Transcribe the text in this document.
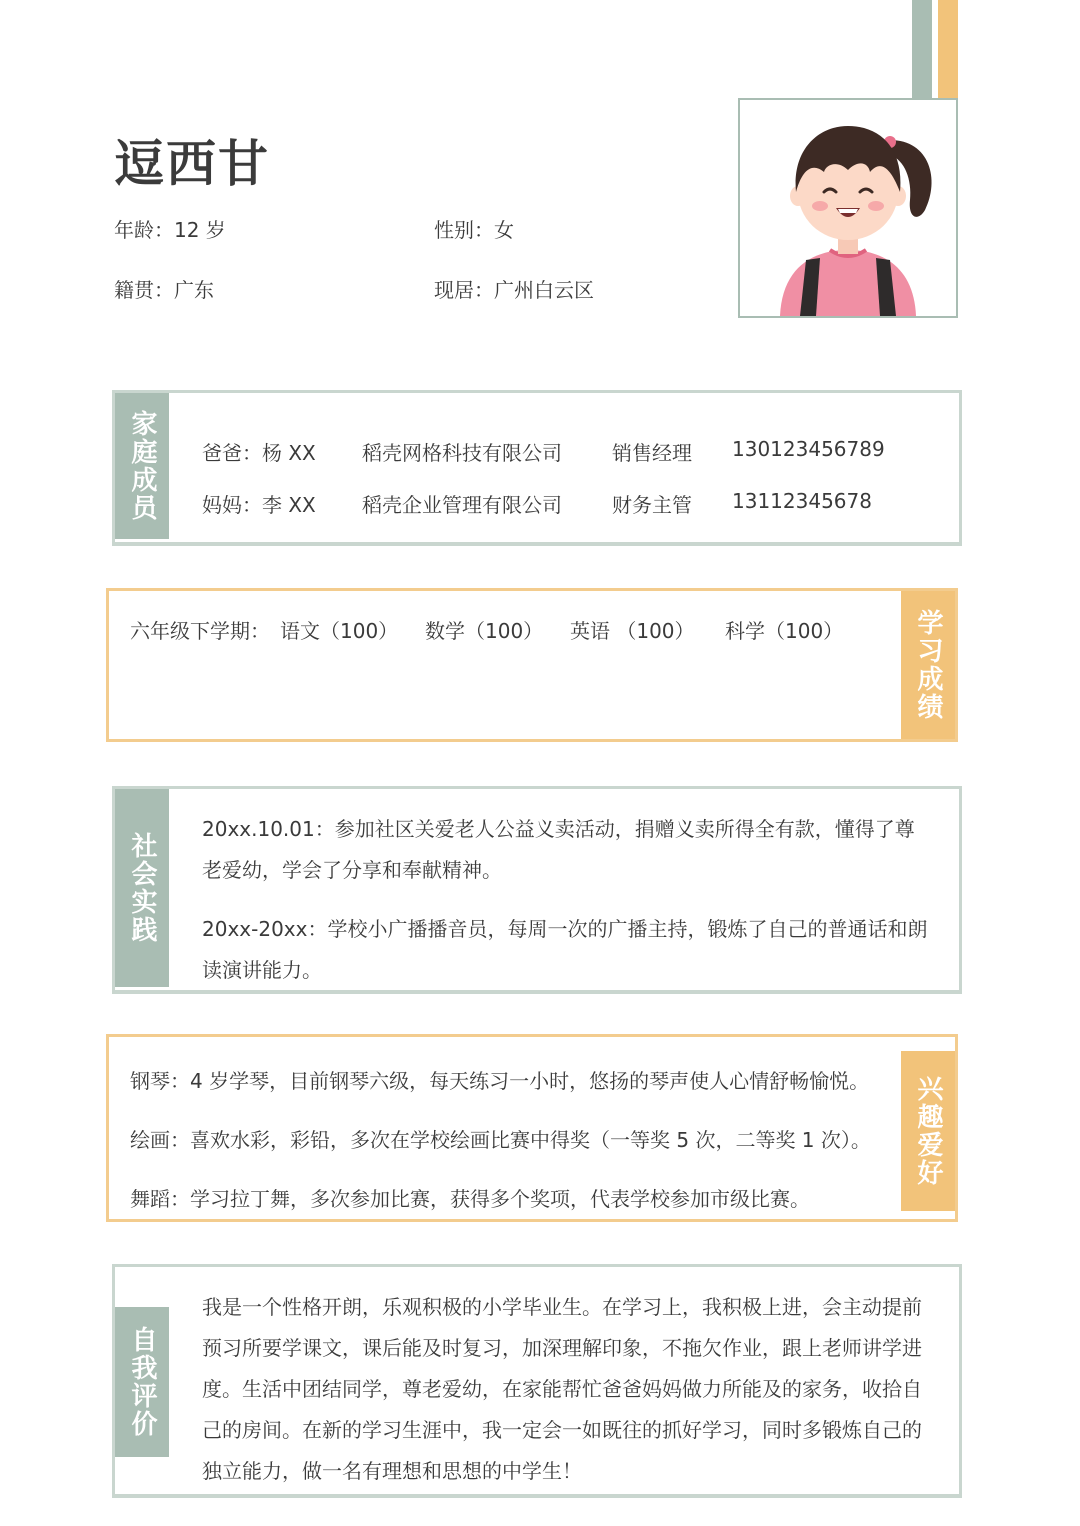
逗西甘
年龄 ： 12 岁	性别 ： 女
籍贯 ： 广东	现居 ： 广州白云区
家庭成员	爸爸：杨 XX 稻壳网格科技有限公司	销售经理 130123456789
妈妈：李 XX 稻壳企业管理有限公司	财务主管 13112345678
学习成绩
六年级下学期： 语文（100） 数学（100） 英语 （100） 科学（100）
社会实践

20xx.10.01：参加社区关爱老人公益义卖活动，捐赠义卖所得全有款，懂得了尊老爱幼，学会了分享和奉献精神。

20xx-20xx：学校小广播播音员，每周一次的广播主持，锻炼了自己的普通话和朗读演讲能力。

兴趣爱好

钢琴：4 岁学琴，目前钢琴六级，每天练习一小时，悠扬的琴声使人心情舒畅愉悦。

绘画：喜欢水彩，彩铅，多次在学校绘画比赛中得奖（一等奖 5 次，二等奖 1 次）。

舞蹈：学习拉丁舞，多次参加比赛，获得多个奖项，代表学校参加市级比赛。

自我评价

我是一个性格开朗，乐观积极的小学毕业生。在学习上，我积极上进，会主动提前预习所要学课文，课后能及时复习，加深理解印象，不拖欠作业，跟上老师讲学进度。生活中团结同学，尊老爱幼，在家能帮忙爸爸妈妈做力所能及的家务，收拾自己的房间。在新的学习生涯中，我一定会一如既往的抓好学习，同时多锻炼自己的独立能力，做一名有理想和思想的中学生！
